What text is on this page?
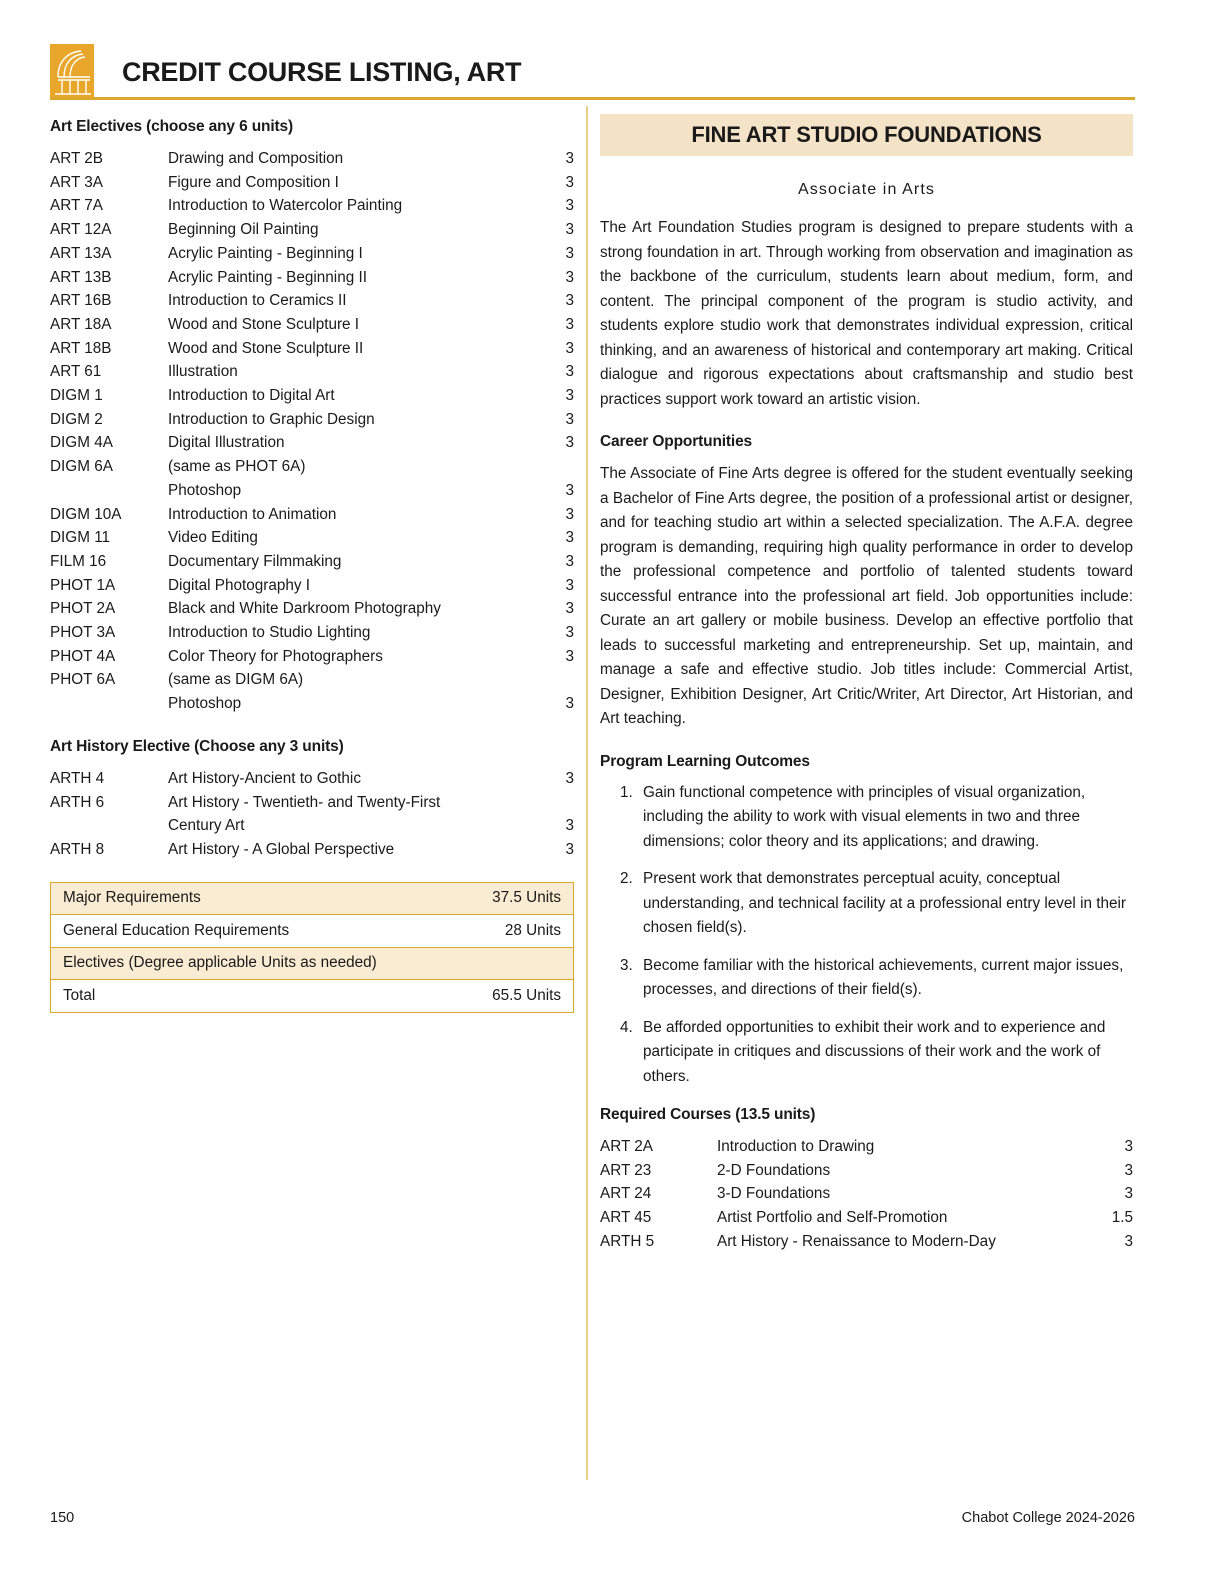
CREDIT COURSE LISTING, ART
Art Electives (choose any 6 units)
ART 2B	Drawing and Composition	3
ART 3A	Figure and Composition I	3
ART 7A	Introduction to Watercolor Painting	3
ART 12A	Beginning Oil Painting	3
ART 13A	Acrylic Painting - Beginning I	3
ART 13B	Acrylic Painting - Beginning II	3
ART 16B	Introduction to Ceramics II	3
ART 18A	Wood and Stone Sculpture I	3
ART 18B	Wood and Stone Sculpture II	3
ART 61	Illustration	3
DIGM 1	Introduction to Digital Art	3
DIGM 2	Introduction to Graphic Design	3
DIGM 4A	Digital Illustration	3
DIGM 6A	(same as PHOT 6A)
Photoshop	3
DIGM 10A	Introduction to Animation	3
DIGM 11	Video Editing	3
FILM 16	Documentary Filmmaking	3
PHOT 1A	Digital Photography I	3
PHOT 2A	Black and White Darkroom Photography	3
PHOT 3A	Introduction to Studio Lighting	3
PHOT 4A	Color Theory for Photographers	3
PHOT 6A	(same as DIGM 6A)
Photoshop	3
Art History Elective (Choose any 3 units)
ARTH 4	Art History-Ancient to Gothic	3
ARTH 6	Art History - Twentieth- and Twenty-First
Century Art	3
ARTH 8	Art History - A Global Perspective	3
Major Requirements	37.5 Units
General Education Requirements	28 Units
Electives (Degree applicable Units as needed)	
Total	65.5 Units
FINE ART STUDIO FOUNDATIONS
Associate in Arts
The Art Foundation Studies program is designed to prepare students with a strong foundation in art. Through working from observation and imagination as the backbone of the curriculum, students learn about medium, form, and content. The principal component of the program is studio activity, and students explore studio work that demonstrates individual expression, critical thinking, and an awareness of historical and contemporary art making. Critical dialogue and rigorous expectations about craftsmanship and studio best practices support work toward an artistic vision.
Career Opportunities
The Associate of Fine Arts degree is offered for the student eventually seeking a Bachelor of Fine Arts degree, the position of a professional artist or designer, and for teaching studio art within a selected specialization. The A.F.A. degree program is demanding, requiring high quality performance in order to develop the professional competence and portfolio of talented students toward successful entrance into the professional art field. Job opportunities include: Curate an art gallery or mobile business. Develop an effective portfolio that leads to successful marketing and entrepreneurship. Set up, maintain, and manage a safe and effective studio. Job titles include: Commercial Artist, Designer, Exhibition Designer, Art Critic/Writer, Art Director, Art Historian, and Art teaching.
Program Learning Outcomes
1. Gain functional competence with principles of visual organization, including the ability to work with visual elements in two and three dimensions; color theory and its applications; and drawing.
2. Present work that demonstrates perceptual acuity, conceptual understanding, and technical facility at a professional entry level in their chosen field(s).
3. Become familiar with the historical achievements, current major issues, processes, and directions of their field(s).
4. Be afforded opportunities to exhibit their work and to experience and participate in critiques and discussions of their work and the work of others.
Required Courses (13.5 units)
ART 2A	Introduction to Drawing	3
ART 23	2-D Foundations	3
ART 24	3-D Foundations	3
ART 45	Artist Portfolio and Self-Promotion	1.5
ARTH 5	Art History - Renaissance to Modern-Day	3
150	Chabot College 2024-2026
